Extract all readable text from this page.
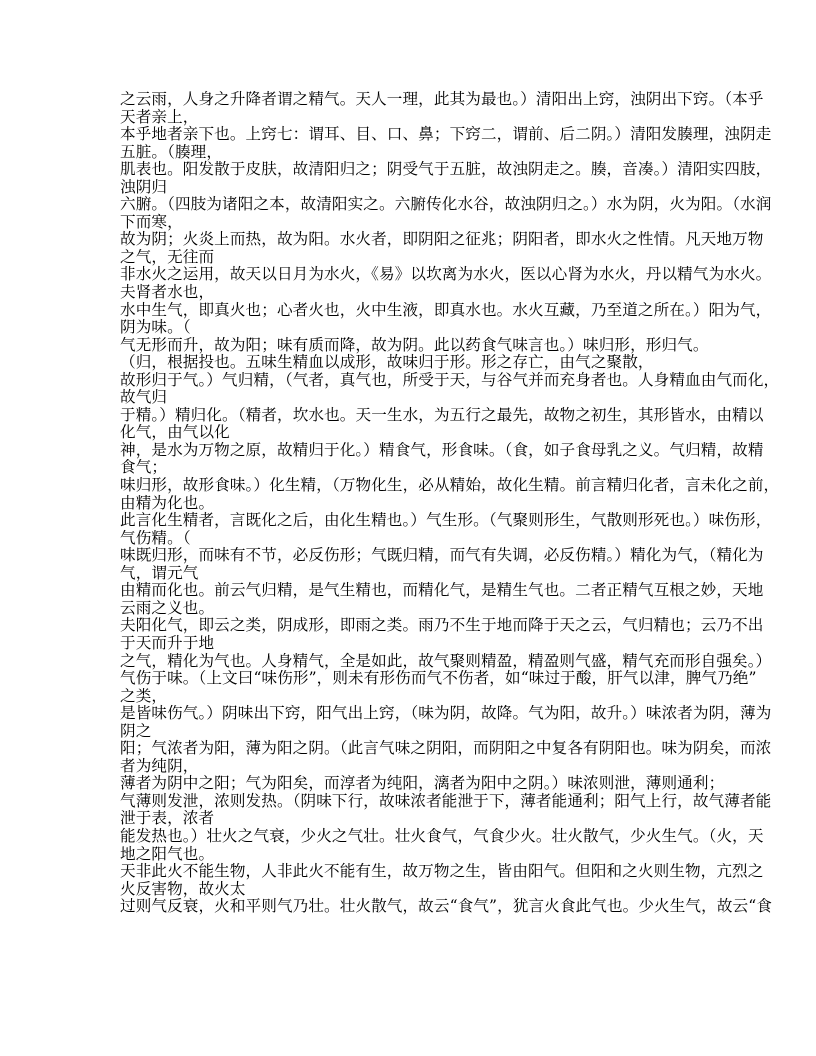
之云雨，人身之升降者谓之精气。天人一理，此其为最也。）清阳出上窍，浊阴出下窍。（本乎
天者亲上，
本乎地者亲下也。上窍七：谓耳、目、口、鼻；下窍二，谓前、后二阴。）清阳发腠理，浊阴走
五脏。（腠理，
肌表也。阳发散于皮肤，故清阳归之；阴受气于五脏，故浊阴走之。腠，音凑。）清阳实四肢，
浊阴归
六腑。（四肢为诸阳之本，故清阳实之。六腑传化水谷，故浊阴归之。）水为阴，火为阳。（水润
下而寒，
故为阴；火炎上而热，故为阳。水火者，即阴阳之征兆；阴阳者，即水火之性情。凡天地万物
之气，无往而
非水火之运用，故天以日月为水火，《易》以坎离为水火，医以心肾为水火，丹以精气为水火。
夫肾者水也，
水中生气，即真火也；心者火也，火中生液，即真水也。水火互藏，乃至道之所在。）阳为气，
阴为味。（
气无形而升，故为阳；味有质而降，故为阴。此以药食气味言也。）味归形，形归气。
（归，根据投也。五味生精血以成形，故味归于形。形之存亡，由气之聚散，
故形归于气。）气归精，（气者，真气也，所受于天，与谷气并而充身者也。人身精血由气而化，
故气归
于精。）精归化。（精者，坎水也。天一生水，为五行之最先，故物之初生，其形皆水，由精以
化气，由气以化
神，是水为万物之原，故精归于化。）精食气，形食味。（食，如子食母乳之义。气归精，故精
食气；
味归形，故形食味。）化生精，（万物化生，必从精始，故化生精。前言精归化者，言未化之前，
由精为化也。
此言化生精者，言既化之后，由化生精也。）气生形。（气聚则形生，气散则形死也。）味伤形，
气伤精。（
味既归形，而味有不节，必反伤形；气既归精，而气有失调，必反伤精。）精化为气，（精化为
气，谓元气
由精而化也。前云气归精，是气生精也，而精化气，是精生气也。二者正精气互根之妙，天地
云雨之义也。
夫阳化气，即云之类，阴成形，即雨之类。雨乃不生于地而降于天之云，气归精也；云乃不出
于天而升于地
之气，精化为气也。人身精气，全是如此，故气聚则精盈，精盈则气盛，精气充而形自强矣。）
气伤于味。（上文曰“味伤形”，则未有形伤而气不伤者，如“味过于酸，肝气以津，脾气乃绝”
之类，
是皆味伤气。）阴味出下窍，阳气出上窍，（味为阴，故降。气为阳，故升。）味浓者为阴，薄为
阴之
阳；气浓者为阳，薄为阳之阴。（此言气味之阴阳，而阴阳之中复各有阴阳也。味为阴矣，而浓
者为纯阴，
薄者为阴中之阳；气为阳矣，而淳者为纯阳，漓者为阳中之阴。）味浓则泄，薄则通利；
气薄则发泄，浓则发热。（阴味下行，故味浓者能泄于下，薄者能通利；阳气上行，故气薄者能
泄于表，浓者
能发热也。）壮火之气衰，少火之气壮。壮火食气，气食少火。壮火散气，少火生气。（火，天
地之阳气也。
天非此火不能生物，人非此火不能有生，故万物之生，皆由阳气。但阳和之火则生物，亢烈之
火反害物，故火太
过则气反衰，火和平则气乃壮。壮火散气，故云“食气”，犹言火食此气也。少火生气，故云“食
